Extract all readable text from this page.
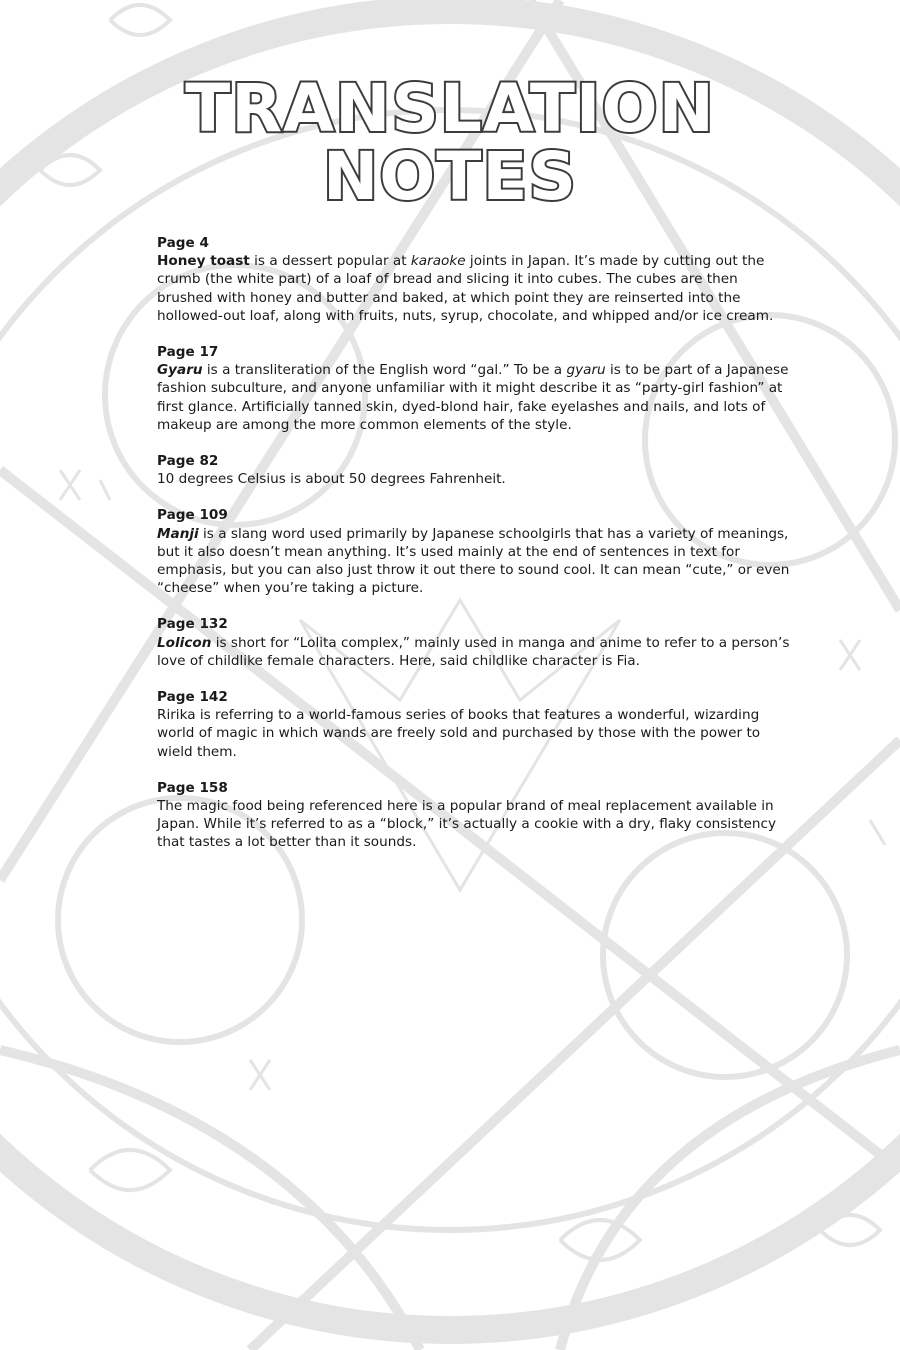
TRANSLATION
NOTES
Page 4
Honey toast is a dessert popular at karaoke joints in Japan. It’s made by cutting out the crumb (the white part) of a loaf of bread and slicing it into cubes. The cubes are then brushed with honey and butter and baked, at which point they are reinserted into the hollowed-out loaf, along with fruits, nuts, syrup, chocolate, and whipped and/or ice cream.
Page 17
Gyaru is a transliteration of the English word “gal.” To be a gyaru is to be part of a Japanese fashion subculture, and anyone unfamiliar with it might describe it as “party-girl fashion” at first glance. Artificially tanned skin, dyed-blond hair, fake eyelashes and nails, and lots of makeup are among the more common elements of the style.
Page 82
10 degrees Celsius is about 50 degrees Fahrenheit.
Page 109
Manji is a slang word used primarily by Japanese schoolgirls that has a variety of meanings, but it also doesn’t mean anything. It’s used mainly at the end of sentences in text for emphasis, but you can also just throw it out there to sound cool. It can mean “cute,” or even “cheese” when you’re taking a picture.
Page 132
Lolicon is short for “Lolita complex,” mainly used in manga and anime to refer to a person’s love of childlike female characters. Here, said childlike character is Fia.
Page 142
Ririka is referring to a world-famous series of books that features a wonderful, wizarding world of magic in which wands are freely sold and purchased by those with the power to wield them.
Page 158
The magic food being referenced here is a popular brand of meal replacement available in Japan. While it’s referred to as a “block,” it’s actually a cookie with a dry, flaky consistency that tastes a lot better than it sounds.
